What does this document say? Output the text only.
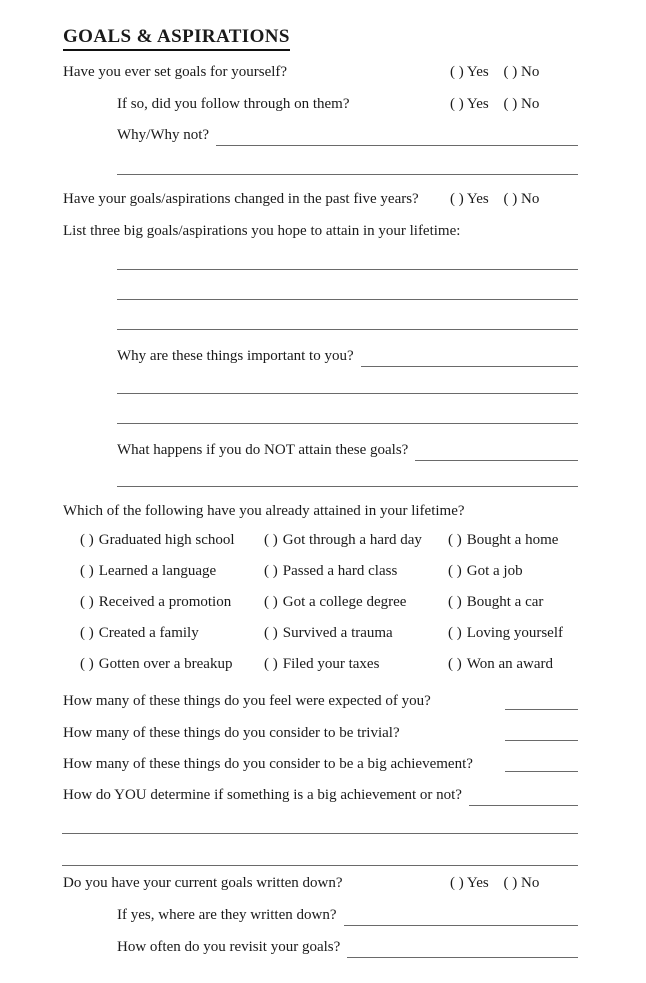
GOALS & ASPIRATIONS
Have you ever set goals for yourself?	( ) Yes ( ) No
If so, did you follow through on them?	( ) Yes ( ) No
Why/Why not?
Have your goals/aspirations changed in the past five years? ( ) Yes ( ) No
List three big goals/aspirations you hope to attain in your lifetime:
Why are these things important to you?
What happens if you do NOT attain these goals?
Which of the following have you already attained in your lifetime?
( ) Graduated high school ( ) Got through a hard day ( ) Bought a home
( ) Learned a language	( ) Passed a hard class	( ) Got a job
( ) Received a promotion ( ) Got a college degree	( ) Bought a car
( ) Created a family	( ) Survived a trauma	( ) Loving yourself
( ) Gotten over a breakup ( ) Filed your taxes	( ) Won an award
How many of these things do you feel were expected of you?
How many of these things do you consider to be trivial?
How many of these things do you consider to be a big achievement?
How do YOU determine if something is a big achievement or not?
Do you have your current goals written down?	( ) Yes ( ) No
If yes, where are they written down?
How often do you revisit your goals?
